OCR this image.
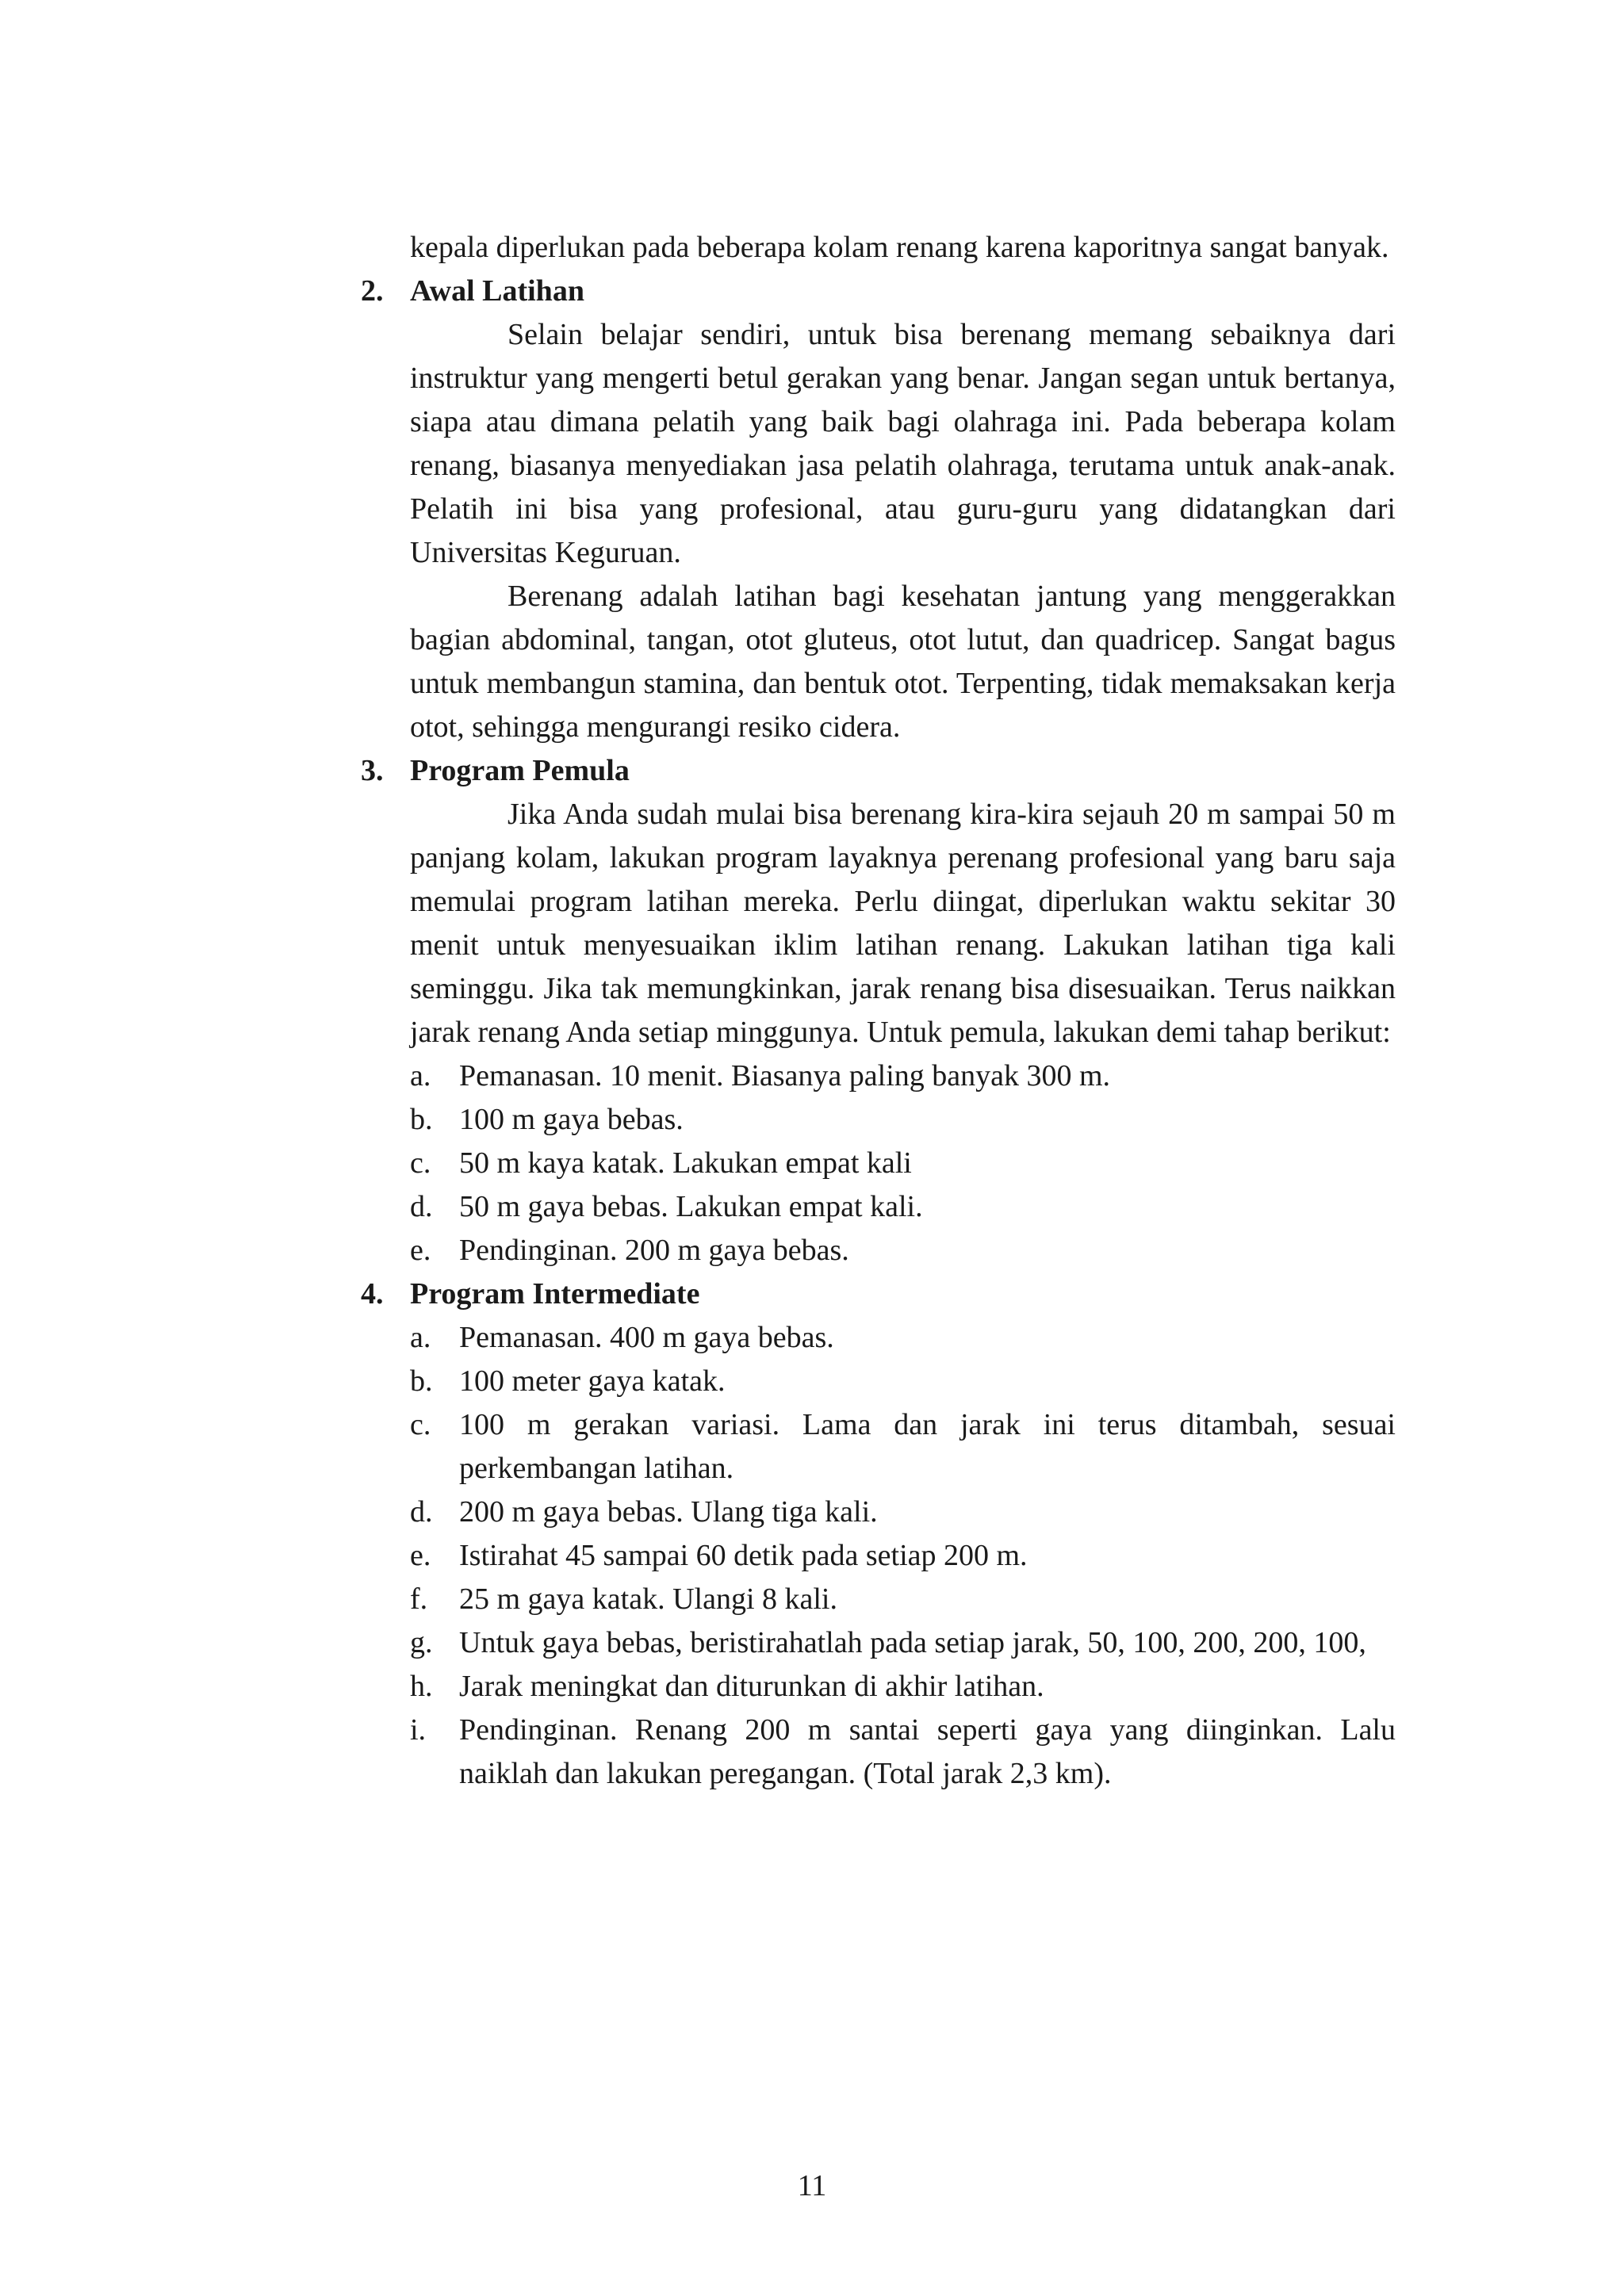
kepala diperlukan pada beberapa kolam renang karena kaporitnya sangat banyak.

2. Awal Latihan

Selain belajar sendiri, untuk bisa berenang memang sebaiknya dari instruktur yang mengerti betul gerakan yang benar. Jangan segan untuk bertanya, siapa atau dimana pelatih yang baik bagi olahraga ini. Pada beberapa kolam renang, biasanya menyediakan jasa pelatih olahraga, terutama untuk anak-anak. Pelatih ini bisa yang profesional, atau guru-guru yang didatangkan dari Universitas Keguruan.

Berenang adalah latihan bagi kesehatan jantung yang menggerakkan bagian abdominal, tangan, otot gluteus, otot lutut, dan quadricep. Sangat bagus untuk membangun stamina, dan bentuk otot. Terpenting, tidak memaksakan kerja otot, sehingga mengurangi resiko cidera.

3. Program Pemula

Jika Anda sudah mulai bisa berenang kira-kira sejauh 20 m sampai 50 m panjang kolam, lakukan program layaknya perenang profesional yang baru saja memulai program latihan mereka. Perlu diingat, diperlukan waktu sekitar 30 menit untuk menyesuaikan iklim latihan renang. Lakukan latihan tiga kali seminggu. Jika tak memungkinkan, jarak renang bisa disesuaikan. Terus naikkan jarak renang Anda setiap minggunya. Untuk pemula, lakukan demi tahap berikut:

a. Pemanasan. 10 menit. Biasanya paling banyak 300 m.
b. 100 m gaya bebas.
c. 50 m kaya katak. Lakukan empat kali
d. 50 m gaya bebas. Lakukan empat kali.
e. Pendinginan. 200 m gaya bebas.
4. Program Intermediate
a. Pemanasan. 400 m gaya bebas.
b. 100 meter gaya katak.
c. 100 m gerakan variasi. Lama dan jarak ini terus ditambah, sesuai perkembangan latihan.
d. 200 m gaya bebas. Ulang tiga kali.
e. Istirahat 45 sampai 60 detik pada setiap 200 m.
f. 25 m gaya katak. Ulangi 8 kali.
g. Untuk gaya bebas, beristirahatlah pada setiap jarak, 50, 100, 200, 200, 100,
h. Jarak meningkat dan diturunkan di akhir latihan.
i. Pendinginan. Renang 200 m santai seperti gaya yang diinginkan. Lalu naiklah dan lakukan peregangan. (Total jarak 2,3 km).
11
